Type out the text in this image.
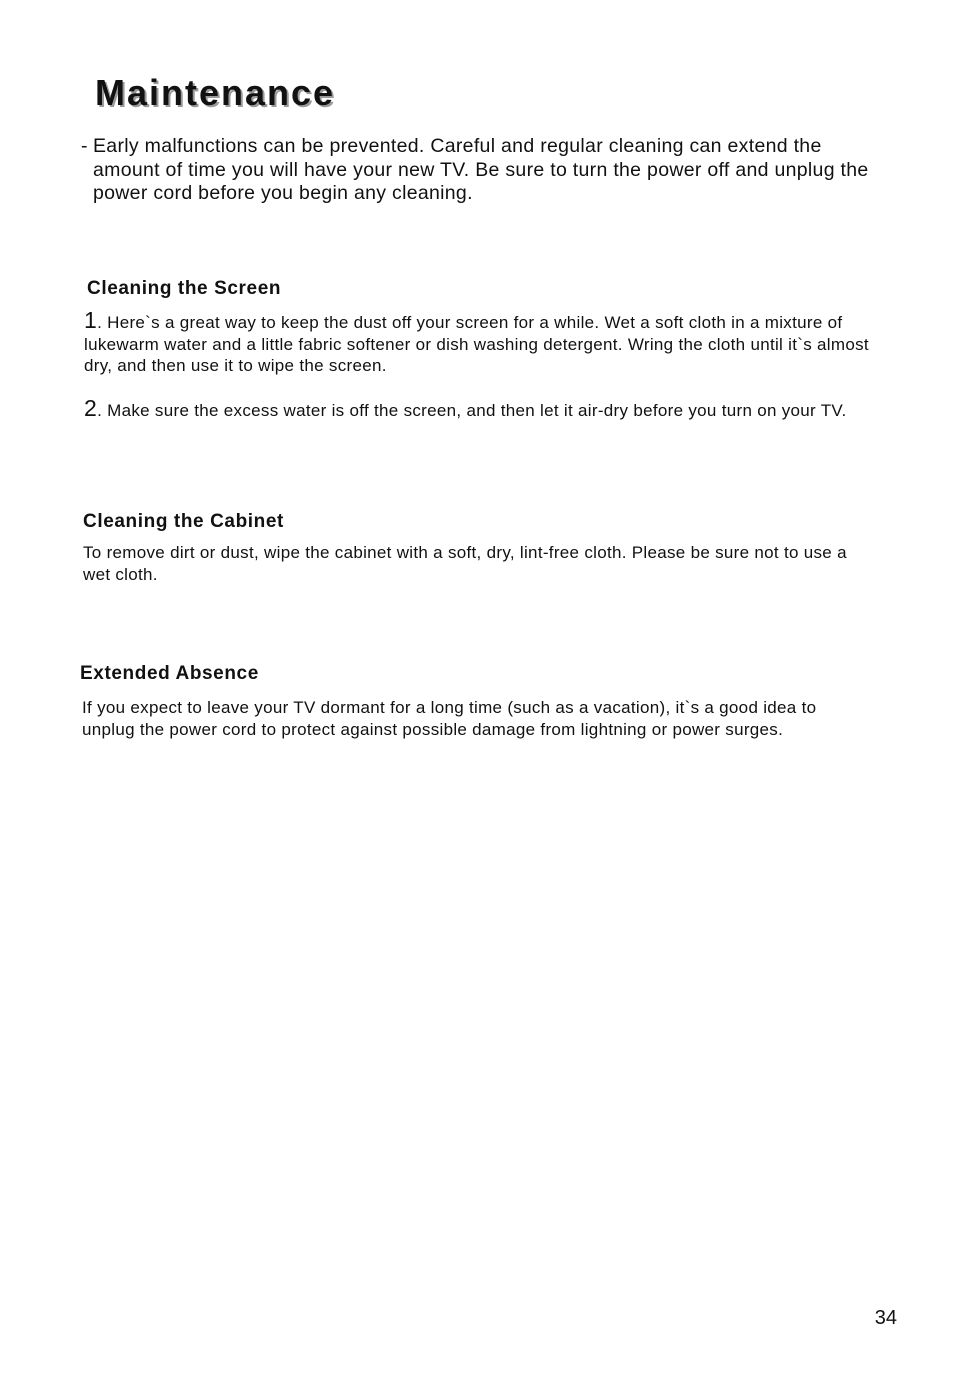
Maintenance

- Early malfunctions can be prevented. Careful and regular cleaning can extend the amount of time you will have your new TV. Be sure to turn the power off and unplug the power cord before you begin any cleaning.

Cleaning the Screen

1. Here`s a great way to keep the dust off your screen for a while. Wet a soft cloth in a mixture of lukewarm water and a little fabric softener or dish washing detergent. Wring the cloth until it`s almost dry, and then use it to wipe the screen.

2. Make sure the excess water is off the screen, and then let it air-dry before you turn on your TV.

Cleaning the Cabinet

To remove dirt or dust, wipe the cabinet with a soft, dry, lint-free cloth. Please be sure not to use a wet cloth.

Extended Absence

If you expect to leave your TV dormant for a long time (such as a vacation), it`s a good idea to unplug the power cord to protect against possible damage from lightning or power surges.

34
